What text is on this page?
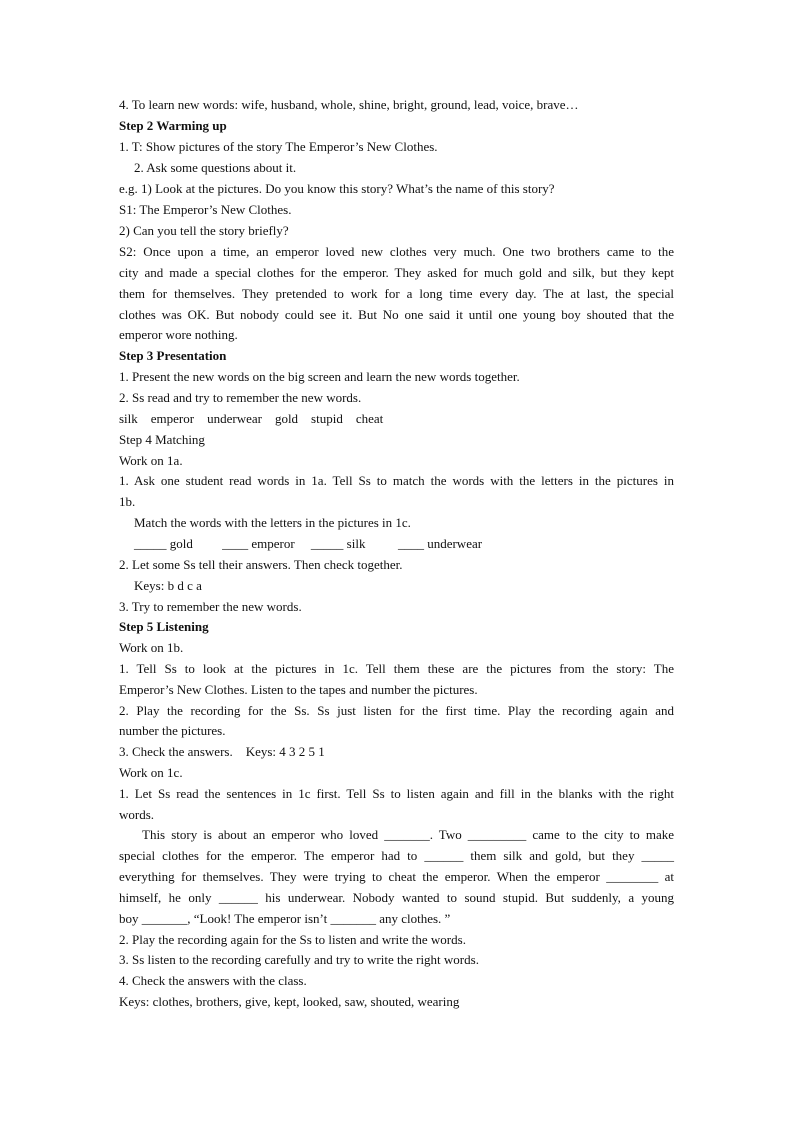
4. To learn new words: wife, husband, whole, shine, bright, ground, lead, voice, brave…
Step 2 Warming up
1. T: Show pictures of the story The Emperor’s New Clothes.
2. Ask some questions about it.
e.g. 1) Look at the pictures. Do you know this story? What’s the name of this story?
S1: The Emperor’s New Clothes.
2) Can you tell the story briefly?
S2: Once upon a time, an emperor loved new clothes very much. One two brothers came to the
city and made a special clothes for the emperor. They asked for much gold and silk, but they kept
them for themselves. They pretended to work for a long time every day. The at last, the special
clothes was OK. But nobody could see it. But No one said it until one young boy shouted that the
emperor wore nothing.
Step 3 Presentation
1. Present the new words on the big screen and learn the new words together.
2. Ss read and try to remember the new words.
silk    emperor    underwear    gold    stupid    cheat
Step 4 Matching
Work on 1a.
1. Ask one student read words in 1a. Tell Ss to match the words with the letters in the pictures in
1b.
Match the words with the letters in the pictures in 1c.
_____ gold         ____ emperor     _____ silk          ____ underwear
2. Let some Ss tell their answers. Then check together.
Keys: b d c a
3. Try to remember the new words.
Step 5 Listening
Work on 1b.
1. Tell Ss to look at the pictures in 1c. Tell them these are the pictures from the story: The
Emperor’s New Clothes. Listen to the tapes and number the pictures.
2. Play the recording for the Ss. Ss just listen for the first time. Play the recording again and
number the pictures.
3. Check the answers.    Keys: 4 3 2 5 1
Work on 1c.
1. Let Ss read the sentences in 1c first. Tell Ss to listen again and fill in the blanks with the right
words.
This story is about an emperor who loved _______. Two _________ came to the city to make
special clothes for the emperor. The emperor had to ______ them silk and gold, but they _____
everything for themselves. They were trying to cheat the emperor. When the emperor ________ at
himself, he only ______ his underwear. Nobody wanted to sound stupid. But suddenly, a young
boy _______, “Look! The emperor isn’t _______ any clothes. ”
2. Play the recording again for the Ss to listen and write the words.
3. Ss listen to the recording carefully and try to write the right words.
4. Check the answers with the class.
Keys: clothes, brothers, give, kept, looked, saw, shouted, wearing
